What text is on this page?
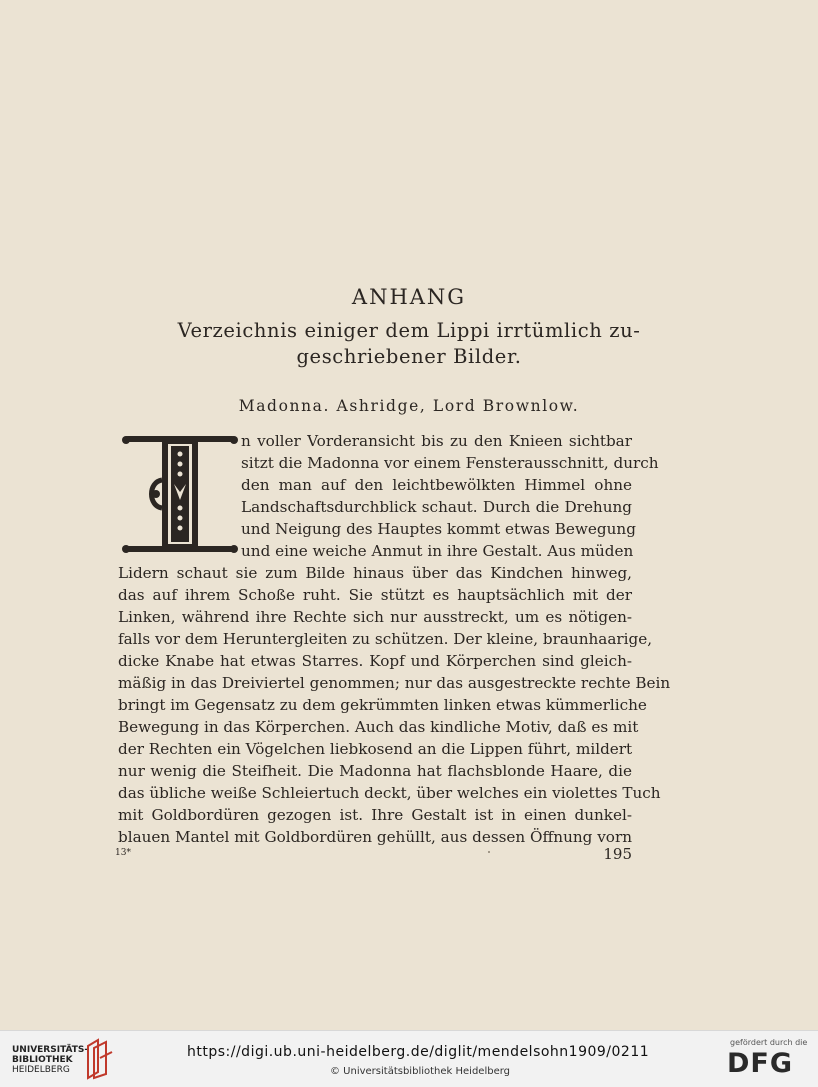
ANHANG
Verzeichnis einiger dem Lippi irrtümlich zu-
geschriebener Bilder.
Madonna. Ashridge, Lord Brownlow.
n voller Vorderansicht bis zu den Knieen sichtbar
sitzt die Madonna vor einem Fensterausschnitt, durch
den man auf den leichtbewölkten Himmel ohne
Landschaftsdurchblick schaut. Durch die Drehung
und Neigung des Hauptes kommt etwas Bewegung
und eine weiche Anmut in ihre Gestalt. Aus müden
Lidern schaut sie zum Bilde hinaus über das Kindchen hinweg,
das auf ihrem Schoße ruht. Sie stützt es hauptsächlich mit der
Linken, während ihre Rechte sich nur ausstreckt, um es nötigen-
falls vor dem Heruntergleiten zu schützen. Der kleine, braunhaarige,
dicke Knabe hat etwas Starres. Kopf und Körperchen sind gleich-
mäßig in das Dreiviertel genommen; nur das ausgestreckte rechte Bein
bringt im Gegensatz zu dem gekrümmten linken etwas kümmerliche
Bewegung in das Körperchen. Auch das kindliche Motiv, daß es mit
der Rechten ein Vögelchen liebkosend an die Lippen führt, mildert
nur wenig die Steifheit. Die Madonna hat flachsblonde Haare, die
das übliche weiße Schleiertuch deckt, über welches ein violettes Tuch
mit Goldbordüren gezogen ist. Ihre Gestalt ist in einen dunkel-
blauen Mantel mit Goldbordüren gehüllt, aus dessen Öffnung vorn
13*	195
UNIVERSITÄTS-
BIBLIOTHEK
HEIDELBERG
https://digi.ub.uni-heidelberg.de/diglit/mendelsohn1909/0211
© Universitätsbibliothek Heidelberg
gefördert durch die
DFG
